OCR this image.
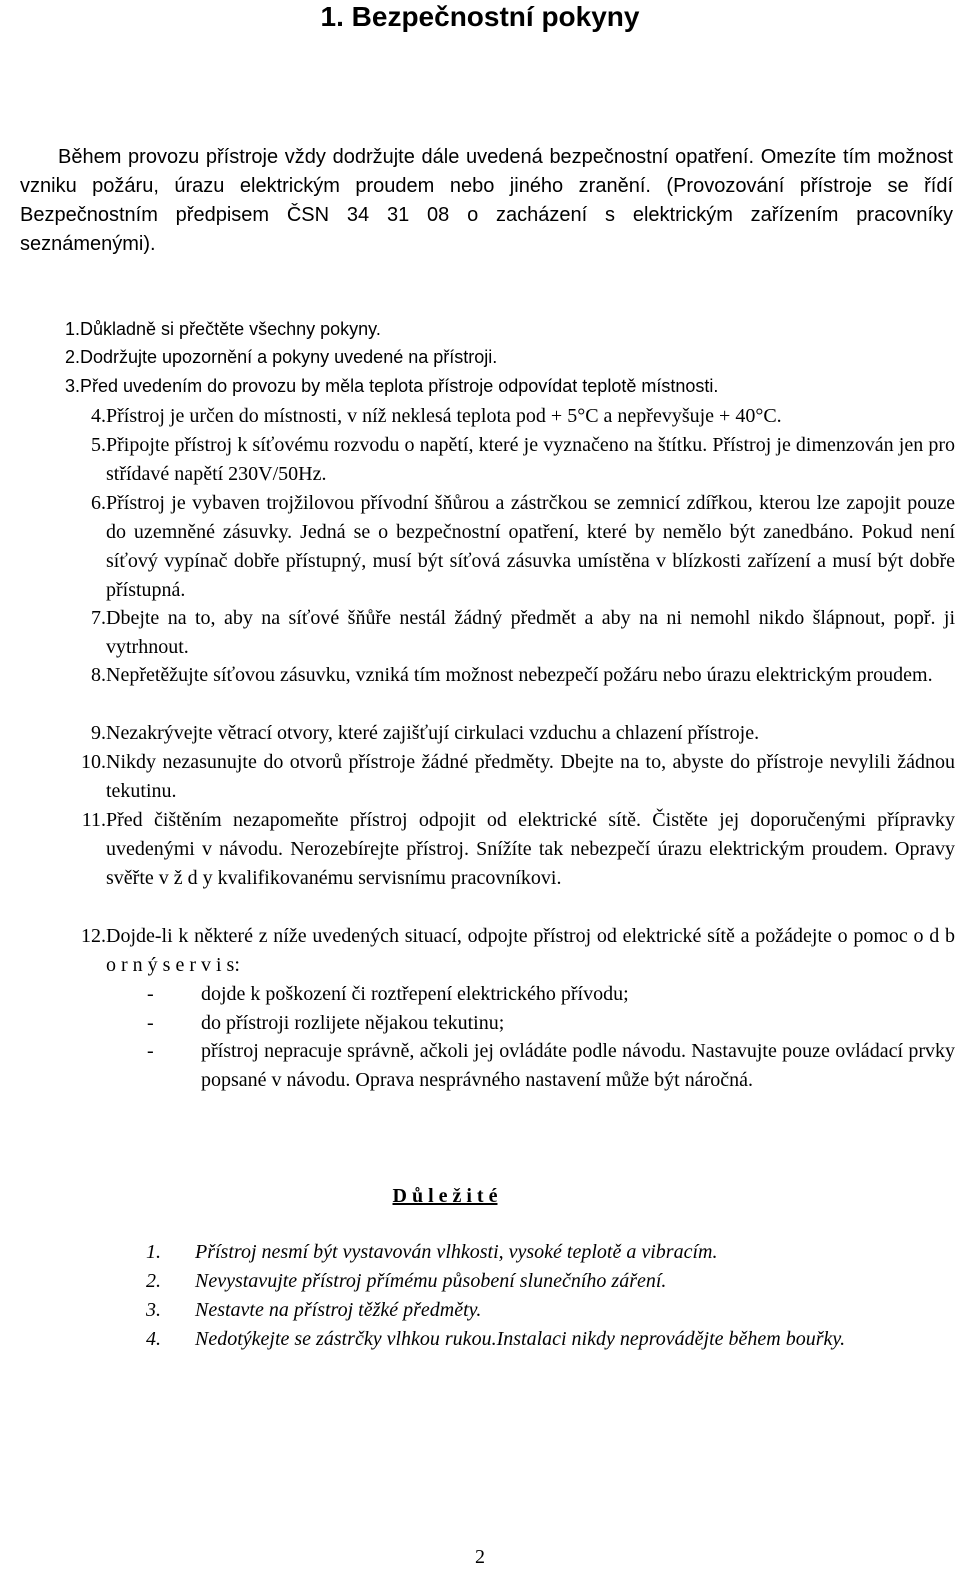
1. Bezpečnostní pokyny

Během provozu přístroje vždy dodržujte dále uvedená bezpečnostní opatření. Omezíte tím možnost vzniku požáru, úrazu elektrickým proudem nebo jiného zranění. (Provozování přístroje se řídí Bezpečnostním předpisem ČSN 34 31 08 o zacházení s elektrickým zařízením pracovníky seznámenými).

1. Důkladně si přečtěte všechny pokyny.
2. Dodržujte upozornění a pokyny uvedené na přístroji.
3. Před uvedením do provozu by měla teplota přístroje odpovídat teplotě místnosti.
4. Přístroj je určen do místnosti, v níž neklesá teplota pod + 5°C a nepřevyšuje + 40°C.
5. Připojte přístroj k síťovému rozvodu o napětí, které je vyznačeno na štítku. Přístroj je dimenzován jen pro střídavé napětí 230V/50Hz.
6. Přístroj je vybaven trojžilovou přívodní šňůrou a zástrčkou se zemnicí zdířkou, kterou lze zapojit pouze do uzemněné zásuvky. Jedná se o bezpečnostní opatření, které by nemělo být zanedbáno. Pokud není síťový vypínač dobře přístupný, musí být síťová zásuvka umístěna v blízkosti zařízení a musí být dobře přístupná.
7. Dbejte na to, aby na síťové šňůře nestál žádný předmět a aby na ni nemohl nikdo šlápnout, popř. ji vytrhnout.
8. Nepřetěžujte síťovou zásuvku, vzniká tím možnost nebezpečí požáru nebo úrazu elektrickým proudem.
9. Nezakrývejte větrací otvory, které zajišťují cirkulaci vzduchu a chlazení přístroje.
10. Nikdy nezasunujte do otvorů přístroje žádné předměty. Dbejte na to, abyste do přístroje nevylili žádnou tekutinu.
11. Před čištěním nezapomeňte přístroj odpojit od elektrické sítě. Čistěte jej doporučenými přípravky uvedenými v návodu. Nerozebírejte přístroj. Snížíte tak nebezpečí úrazu elektrickým proudem. Opravy svěřte v ž d y kvalifikovanému servisnímu pracovníkovi.
12. Dojde-li k některé z níže uvedených situací, odpojte přístroj od elektrické sítě a požádejte o pomoc o d b o r n ý s e r v i s:
- dojde k poškození či roztřepení elektrického přívodu;
- do přístroji rozlijete nějakou tekutinu;
- přístroj nepracuje správně, ačkoli jej ovládáte podle návodu. Nastavujte pouze ovládací prvky popsané v návodu. Oprava nesprávného nastavení může být náročná.
D ů l e ž i t é
1. Přístroj nesmí být vystavován vlhkosti, vysoké teplotě a vibracím.
2. Nevystavujte přístroj přímému působení slunečního záření.
3. Nestavte na přístroj těžké předměty.
4. Nedotýkejte se zástrčky vlhkou rukou.Instalaci nikdy neprovádějte během bouřky.
2
